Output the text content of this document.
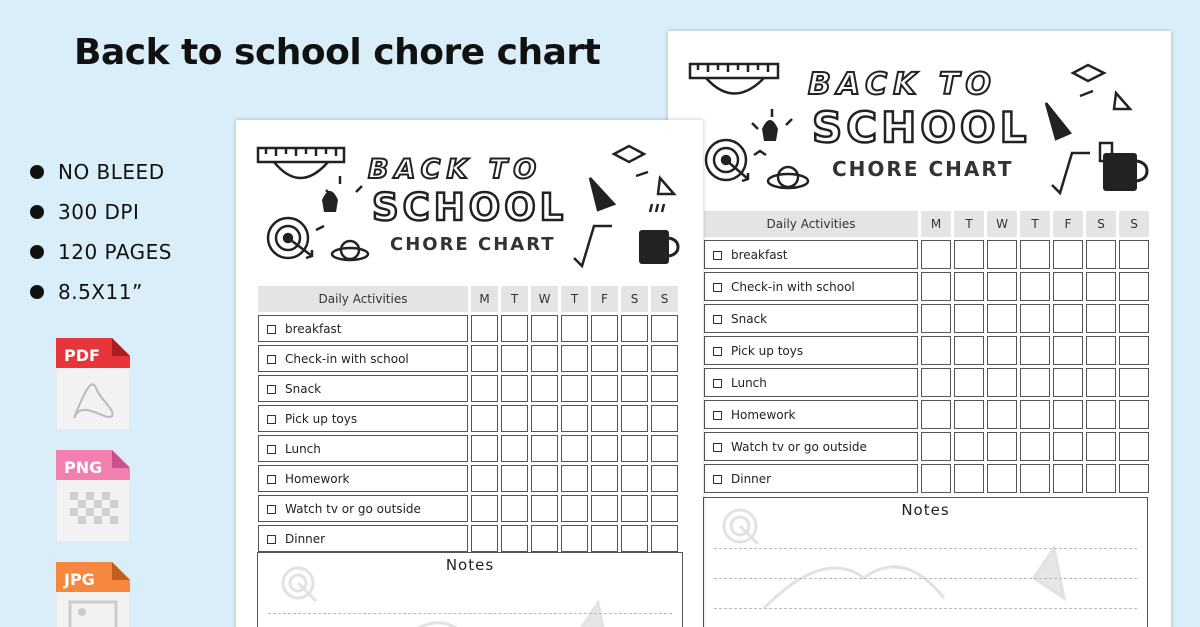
Back to school chore chart
NO BLEED
300 DPI
120 PAGES
8.5X11”
PDF
PNG
JPG
BACK TO
SCHOOL
CHORE CHART
Daily Activities	M	T	W	T	F	S	S
breakfast							
Check-in with school							
Snack							
Pick up toys							
Lunch							
Homework							
Watch tv or go outside							
Dinner							
Notes
BACK TO
SCHOOL
CHORE CHART
Daily Activities	M	T	W	T	F	S	S
breakfast							
Check-in with school							
Snack							
Pick up toys							
Lunch							
Homework							
Watch tv or go outside							
Dinner							
Notes
